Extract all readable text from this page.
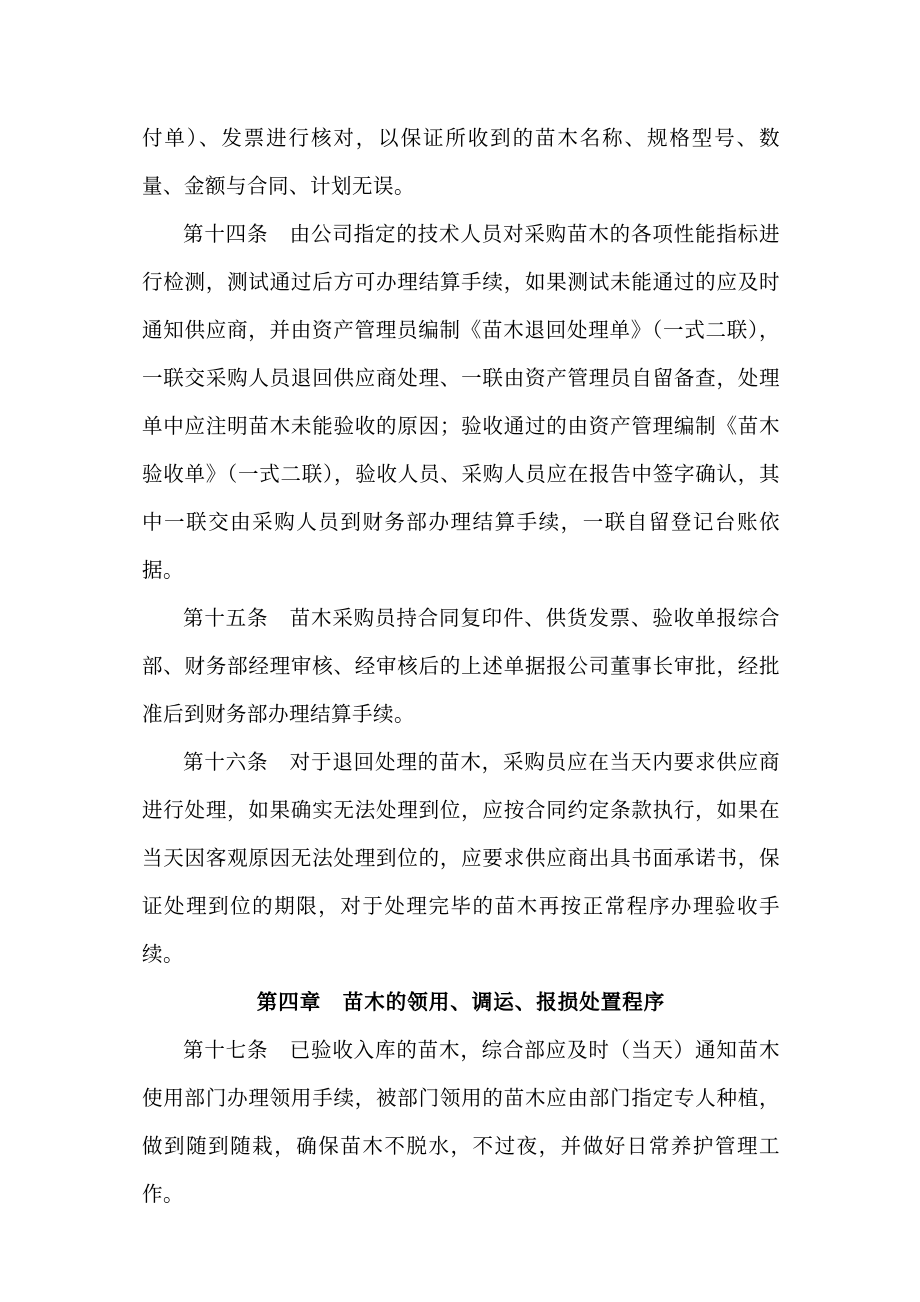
付单）、发票进行核对，以保证所收到的苗木名称、规格型号、数量、金额与合同、计划无误。

第十四条　由公司指定的技术人员对采购苗木的各项性能指标进行检测，测试通过后方可办理结算手续，如果测试未能通过的应及时通知供应商，并由资产管理员编制《苗木退回处理单》（一式二联），一联交采购人员退回供应商处理、一联由资产管理员自留备查，处理单中应注明苗木未能验收的原因；验收通过的由资产管理编制《苗木验收单》（一式二联），验收人员、采购人员应在报告中签字确认，其中一联交由采购人员到财务部办理结算手续，一联自留登记台账依据。

第十五条　苗木采购员持合同复印件、供货发票、验收单报综合部、财务部经理审核、经审核后的上述单据报公司董事长审批，经批准后到财务部办理结算手续。

第十六条　对于退回处理的苗木，采购员应在当天内要求供应商进行处理，如果确实无法处理到位，应按合同约定条款执行，如果在当天因客观原因无法处理到位的，应要求供应商出具书面承诺书，保证处理到位的期限，对于处理完毕的苗木再按正常程序办理验收手续。

第四章　苗木的领用、调运、报损处置程序

第十七条　已验收入库的苗木，综合部应及时（当天）通知苗木使用部门办理领用手续，被部门领用的苗木应由部门指定专人种植，做到随到随栽，确保苗木不脱水，不过夜，并做好日常养护管理工作。
